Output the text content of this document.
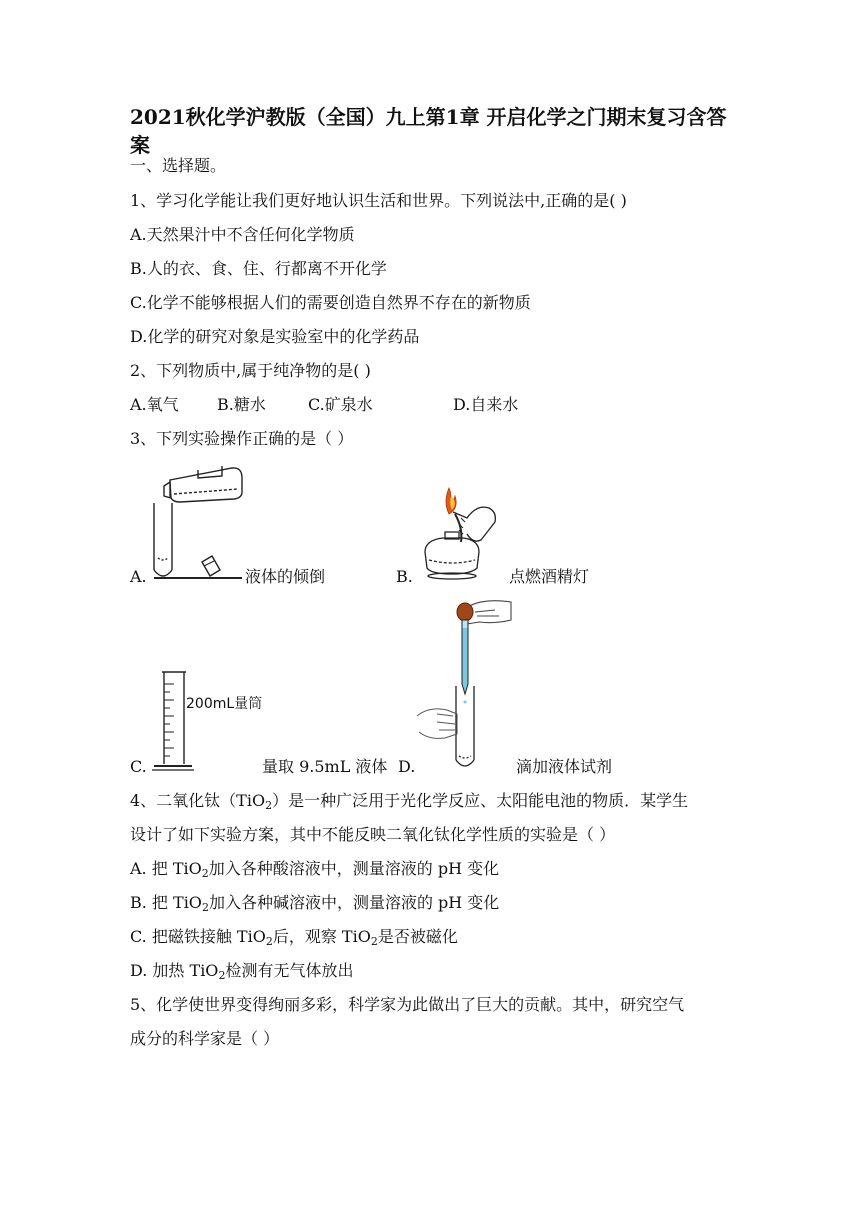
2021秋化学沪教版（全国）九上第1章 开启化学之门期末复习含答案
一、选择题。
1、学习化学能让我们更好地认识生活和世界。下列说法中,正确的是( )
A.天然果汁中不含任何化学物质
B.人的衣、食、住、行都离不开化学
C.化学不能够根据人们的需要创造自然界不存在的新物质
D.化学的研究对象是实验室中的化学药品
2、下列物质中,属于纯净物的是( )
A.氧气 B.糖水	C.矿泉水	D.自来水
3、下列实验操作正确的是（ ）
A.	液体的倾倒	B.	点燃酒精灯
200mL量筒
C.	量取 9.5mL 液体 D.	滴加液体试剂
4、二氧化钛（TiO$_2$）是一种广泛用于光化学反应、太阳能电池的物质．某学生
设计了如下实验方案，其中不能反映二氧化钛化学性质的实验是（ ）
A. 把 TiO$_2$加入各种酸溶液中，测量溶液的 pH 变化
B. 把 TiO$_2$加入各种碱溶液中，测量溶液的 pH 变化
C. 把磁铁接触 TiO$_2$后，观察 TiO$_2$是否被磁化
D. 加热 TiO$_2$检测有无气体放出
5、化学使世界变得绚丽多彩，科学家为此做出了巨大的贡献。其中，研究空气
成分的科学家是（ ）
